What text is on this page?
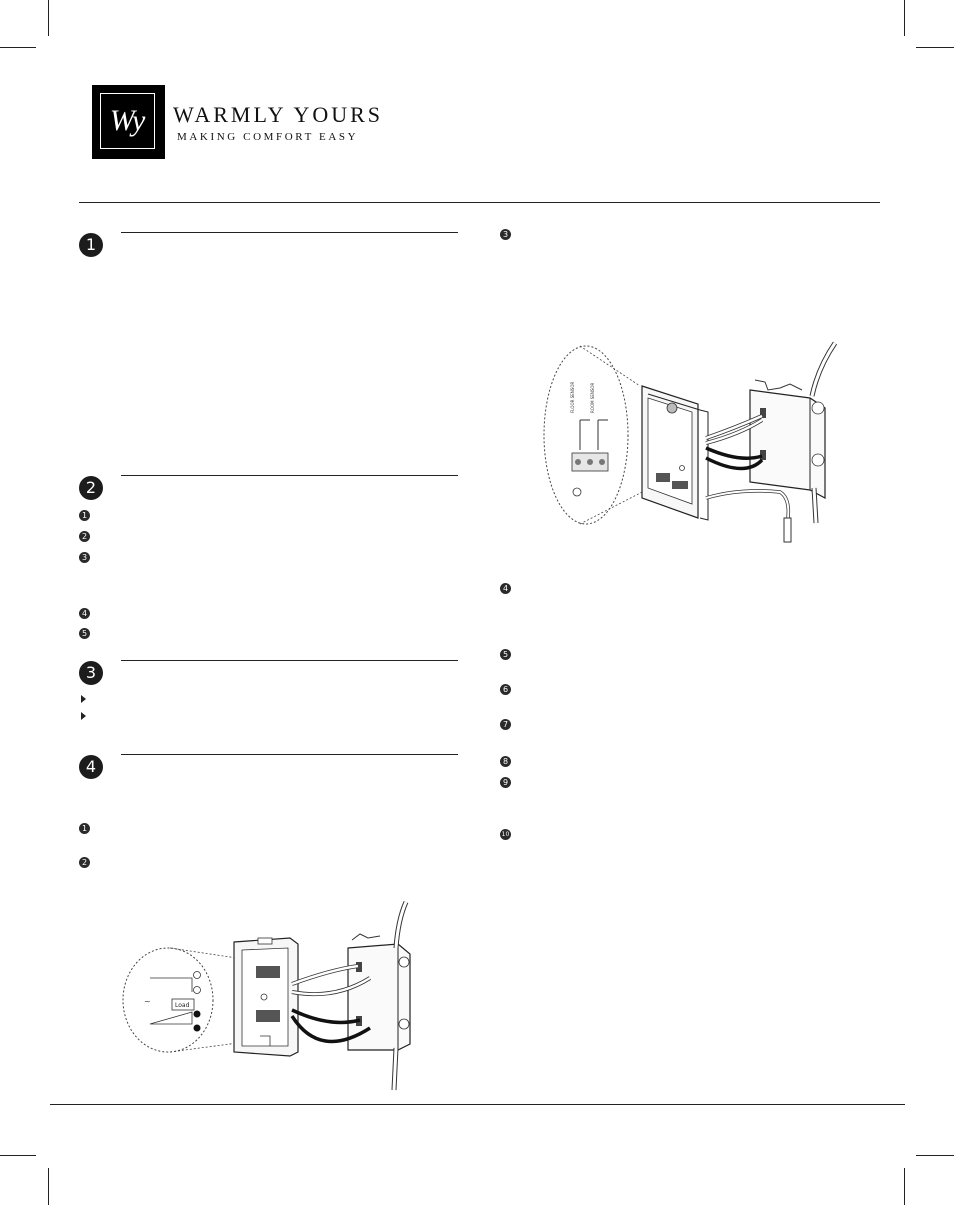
Wy	WARMLY YOURS
MAKING COMFORT EASY
1
2
1
2
3
4
5
3
4
1
2
3
4
5
6
7
8
9
10
FLOOR SENSOR	ROOM SENSOR
Load
~
